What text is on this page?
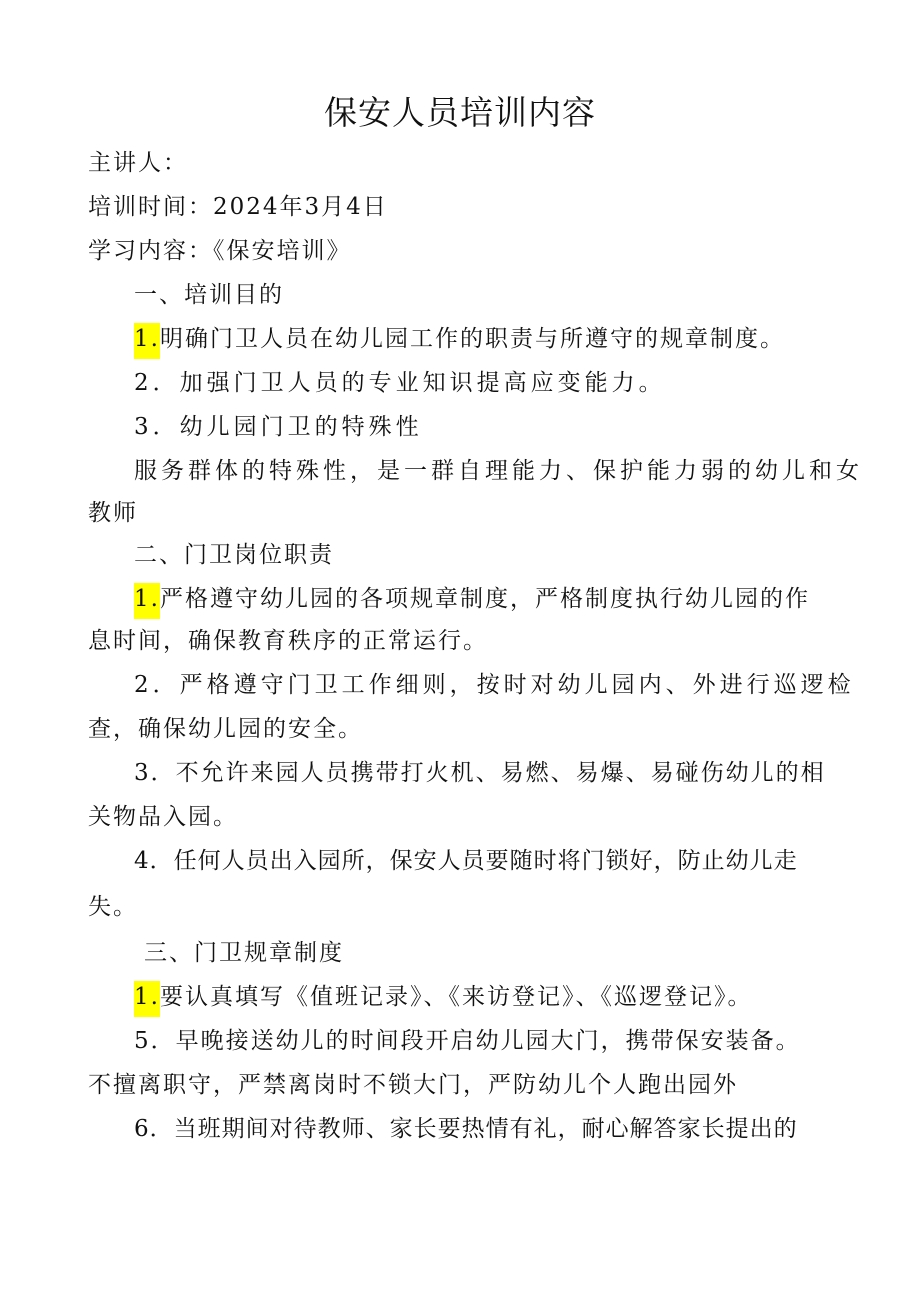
保安人员培训内容
主讲人：
培训时间：2024年3月4日
学习内容：《保安培训》
一、培训目的
1.明确门卫人员在幼儿园工作的职责与所遵守的规章制度。
2．加强门卫人员的专业知识提高应变能力。
3．幼儿园门卫的特殊性
服务群体的特殊性，是一群自理能力、保护能力弱的幼儿和女
教师
二、门卫岗位职责
1.严格遵守幼儿园的各项规章制度，严格制度执行幼儿园的作
息时间，确保教育秩序的正常运行。
2．严格遵守门卫工作细则，按时对幼儿园内、外进行巡逻检
查，确保幼儿园的安全。
3．不允许来园人员携带打火机、易燃、易爆、易碰伤幼儿的相
关物品入园。
4．任何人员出入园所，保安人员要随时将门锁好，防止幼儿走
失。
三、门卫规章制度
1.要认真填写《值班记录》、《来访登记》、《巡逻登记》。
5．早晚接送幼儿的时间段开启幼儿园大门，携带保安装备。
不擅离职守，严禁离岗时不锁大门，严防幼儿个人跑出园外
6．当班期间对待教师、家长要热情有礼，耐心解答家长提出的
